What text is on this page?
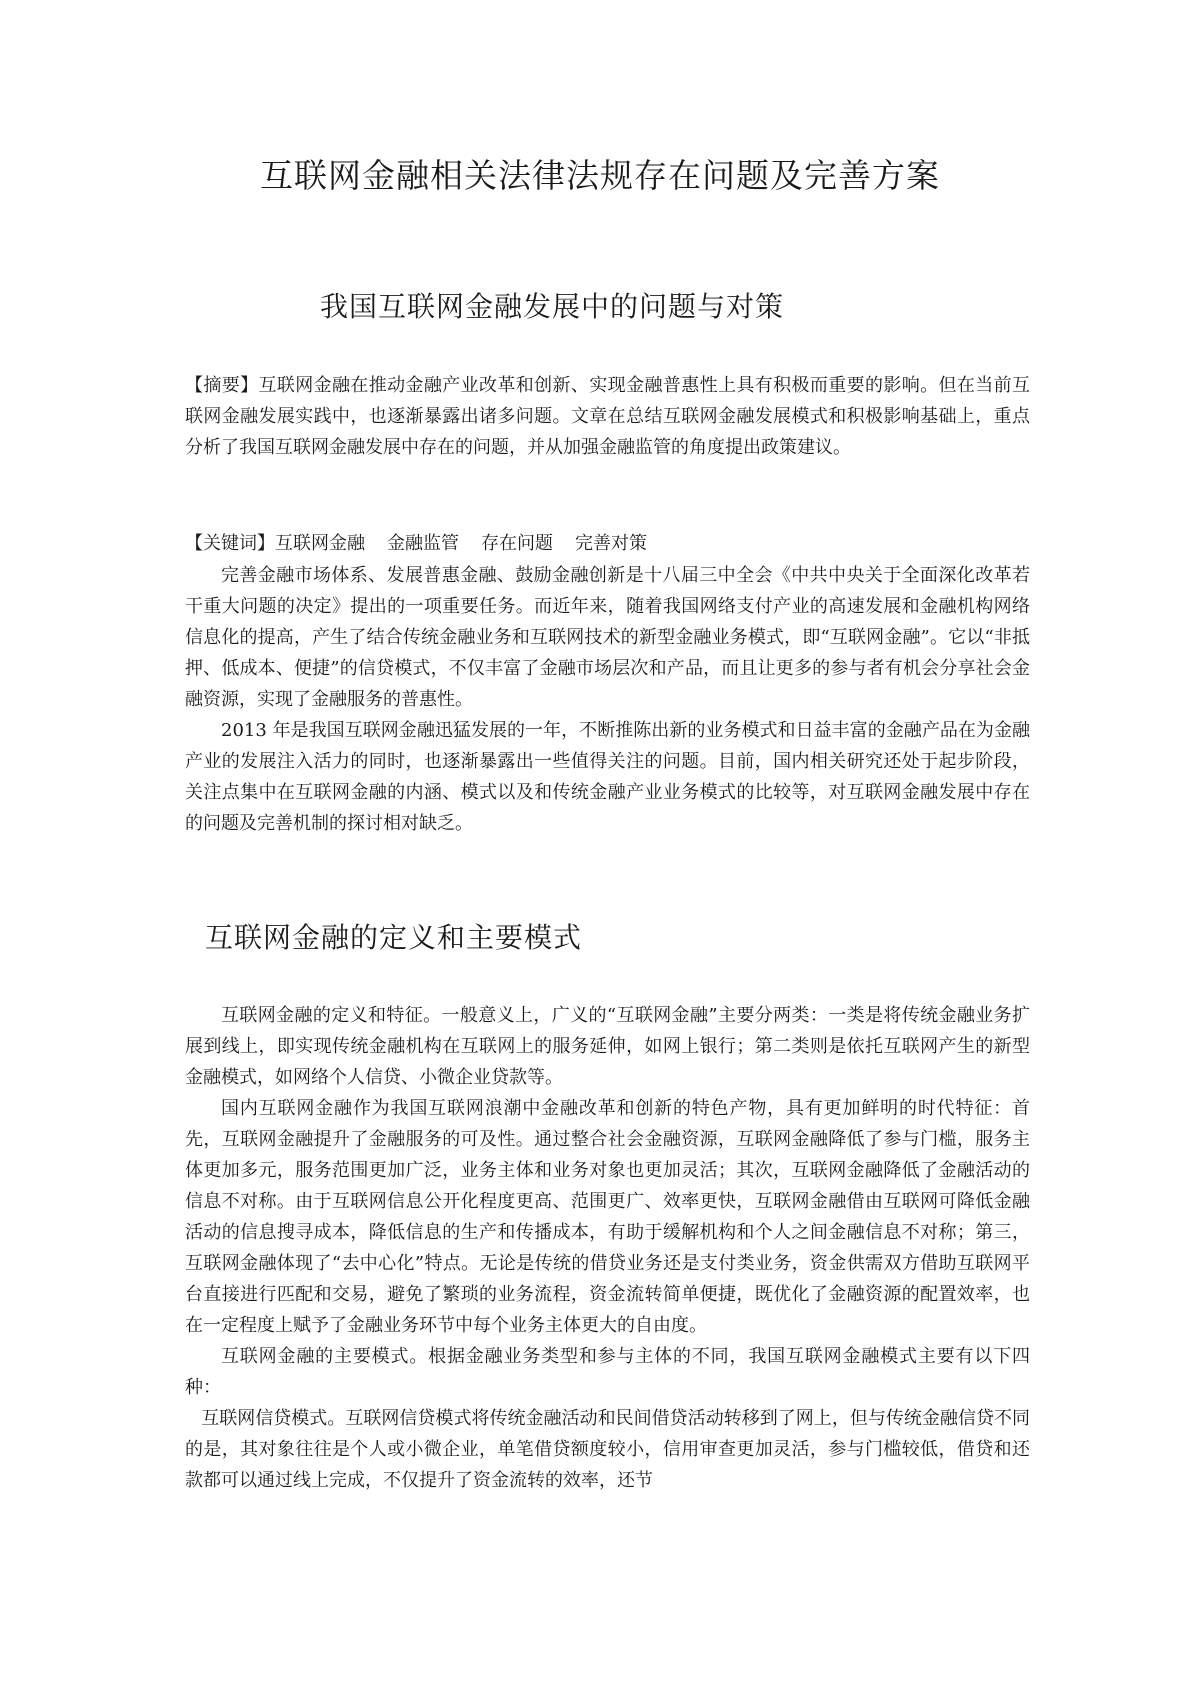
互联网金融相关法律法规存在问题及完善方案
我国互联网金融发展中的问题与对策

【摘要】互联网金融在推动金融产业改革和创新、实现金融普惠性上具有积极而重要的影响。但在当前互联网金融发展实践中，也逐渐暴露出诸多问题。文章在总结互联网金融发展模式和积极影响基础上，重点分析了我国互联网金融发展中存在的问题，并从加强金融监管的角度提出政策建议。

【关键词】互联网金融 金融监管 存在问题 完善对策

完善金融市场体系、发展普惠金融、鼓励金融创新是十八届三中全会《中共中央关于全面深化改革若干重大问题的决定》提出的一项重要任务。而近年来，随着我国网络支付产业的高速发展和金融机构网络信息化的提高，产生了结合传统金融业务和互联网技术的新型金融业务模式，即“互联网金融”。它以“非抵押、低成本、便捷”的信贷模式，不仅丰富了金融市场层次和产品，而且让更多的参与者有机会分享社会金融资源，实现了金融服务的普惠性。

2013 年是我国互联网金融迅猛发展的一年，不断推陈出新的业务模式和日益丰富的金融产品在为金融产业的发展注入活力的同时，也逐渐暴露出一些值得关注的问题。目前，国内相关研究还处于起步阶段，关注点集中在互联网金融的内涵、模式以及和传统金融产业业务模式的比较等，对互联网金融发展中存在的问题及完善机制的探讨相对缺乏。

互联网金融的定义和主要模式

互联网金融的定义和特征。一般意义上，广义的“互联网金融”主要分两类：一类是将传统金融业务扩展到线上，即实现传统金融机构在互联网上的服务延伸，如网上银行；第二类则是依托互联网产生的新型金融模式，如网络个人信贷、小微企业贷款等。

国内互联网金融作为我国互联网浪潮中金融改革和创新的特色产物，具有更加鲜明的时代特征：首先，互联网金融提升了金融服务的可及性。通过整合社会金融资源，互联网金融降低了参与门槛，服务主体更加多元，服务范围更加广泛，业务主体和业务对象也更加灵活；其次，互联网金融降低了金融活动的信息不对称。由于互联网信息公开化程度更高、范围更广、效率更快，互联网金融借由互联网可降低金融活动的信息搜寻成本，降低信息的生产和传播成本，有助于缓解机构和个人之间金融信息不对称；第三，互联网金融体现了“去中心化”特点。无论是传统的借贷业务还是支付类业务，资金供需双方借助互联网平台直接进行匹配和交易，避免了繁琐的业务流程，资金流转简单便捷，既优化了金融资源的配置效率，也在一定程度上赋予了金融业务环节中每个业务主体更大的自由度。

互联网金融的主要模式。根据金融业务类型和参与主体的不同，我国互联网金融模式主要有以下四种：

互联网信贷模式。互联网信贷模式将传统金融活动和民间借贷活动转移到了网上，但与传统金融信贷不同的是，其对象往往是个人或小微企业，单笔借贷额度较小，信用审查更加灵活，参与门槛较低，借贷和还款都可以通过线上完成，不仅提升了资金流转的效率，还节
